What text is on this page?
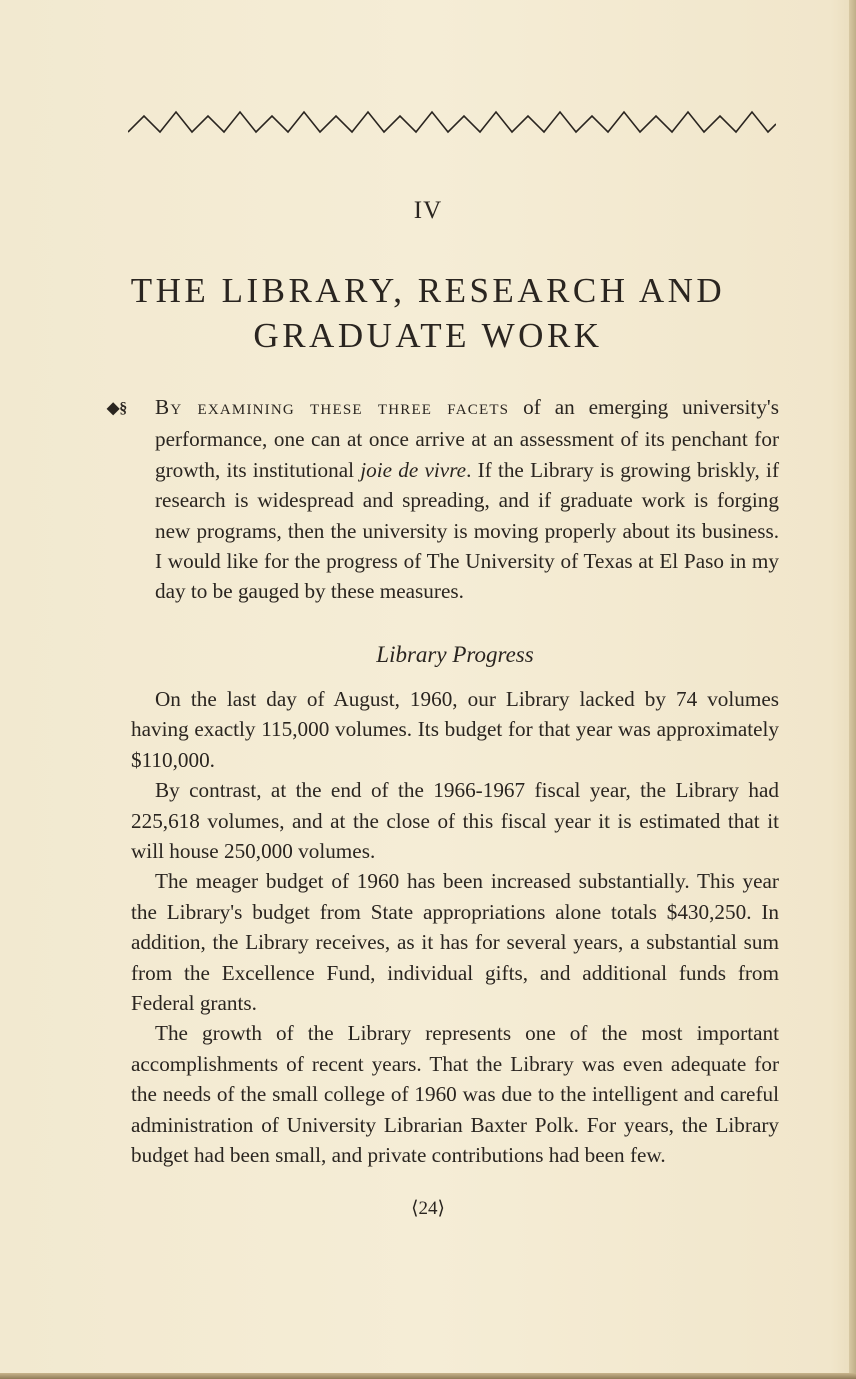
IV
THE LIBRARY, RESEARCH AND GRADUATE WORK

◆§ By examining these three facets of an emerging university's performance, one can at once arrive at an assessment of its penchant for growth, its institutional joie de vivre. If the Library is growing briskly, if research is widespread and spreading, and if graduate work is forging new programs, then the university is moving properly about its business. I would like for the progress of The University of Texas at El Paso in my day to be gauged by these measures.

Library Progress

On the last day of August, 1960, our Library lacked by 74 volumes having exactly 115,000 volumes. Its budget for that year was approximately $110,000.

By contrast, at the end of the 1966-1967 fiscal year, the Library had 225,618 volumes, and at the close of this fiscal year it is estimated that it will house 250,000 volumes.

The meager budget of 1960 has been increased substantially. This year the Library's budget from State appropriations alone totals $430,250. In addition, the Library receives, as it has for several years, a substantial sum from the Excellence Fund, individual gifts, and additional funds from Federal grants.

The growth of the Library represents one of the most important accomplishments of recent years. That the Library was even adequate for the needs of the small college of 1960 was due to the intelligent and careful administration of University Librarian Baxter Polk. For years, the Library budget had been small, and private contributions had been few.

⟨24⟩
